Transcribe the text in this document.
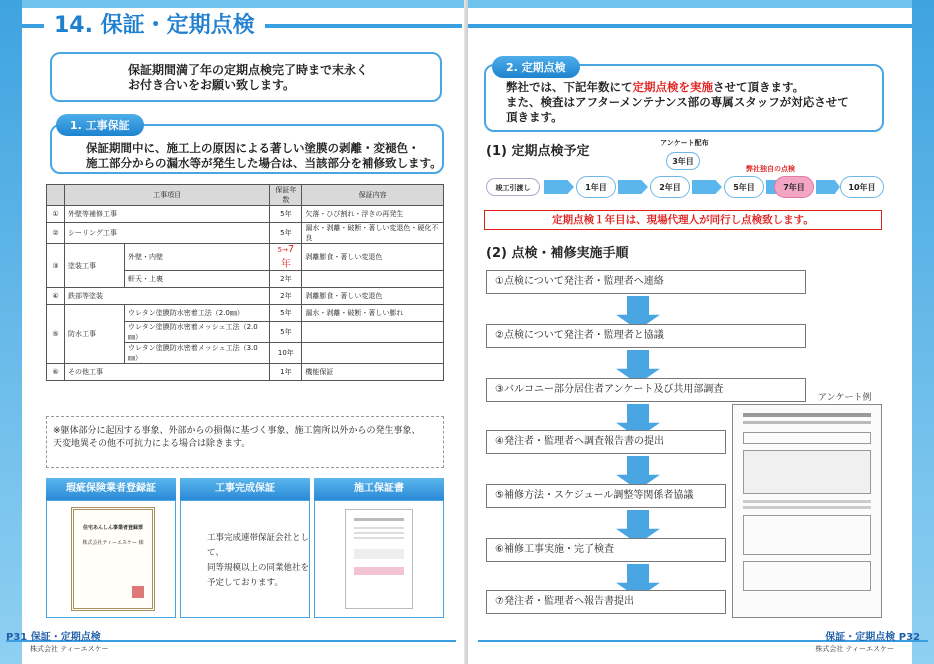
14. 保証・定期点検
保証期間満了年の定期点検完了時まで末永く
お付き合いをお願い致します。
保証期間中に、施工上の原因による著しい塗膜の剥離・変褪色・
施工部分からの漏水等が発生した場合は、当該部分を補修致します。
1. 工事保証
	工事項目		保証年数	保証内容
①	外壁等補修工事		5年	欠落・ひび割れ・浮きの再発生
②	シーリング工事		5年	漏水・剥離・破断・著しい変退色・硬化不良
③	塗装工事	外壁・内壁	5→7年	剥離膨食・著しい変退色
		軒天・上裏	2年	
④	鉄部等塗装		2年	剥離膨食・著しい変退色
⑤	防水工事	ウレタン塗膜防水密着工法（2.0㎜）	5年	漏水・剥離・破断・著しい膨れ
		ウレタン塗膜防水密着メッシュ工法（2.0㎜）	5年	
		ウレタン塗膜防水密着メッシュ工法（3.0㎜）	10年	
⑥	その他工事		1年	機能保証
※躯体部分に起因する事象、外部からの損傷に基づく事象、施工箇所以外からの発生事象、
天変地異その他不可抗力による場合は除きます。
瑕疵保険業者登録証
住宅あんしん事業者登録票
株式会社ティーエスケー 様
工事完成保証
工事完成連帯保証会社として、
同等規模以上の同業他社を
予定しております。
施工保証書
P31 保証・定期点検
株式会社 ティーエスケー
弊社では、下記年数にて定期点検を実施させて頂きます。
また、検査はアフターメンテナンス部の専属スタッフが対応させて
頂きます。
2. 定期点検
(1) 定期点検予定
アンケート配布
3年目
弊社独自の点検
竣工引渡し	1年目	2年目	5年目	7年目	10年目
定期点検１年目は、現場代理人が同行し点検致します。
(2) 点検・補修実施手順
①点検について発注者・監理者へ連絡
②点検について発注者・監理者と協議
③バルコニー部分居住者アンケート及び共用部調査
④発注者・監理者へ調査報告書の提出
⑤補修方法・スケジュール調整等関係者協議
⑥補修工事実施・完了検査
⑦発注者・監理者へ報告書提出
アンケート例
保証・定期点検 P32
株式会社 ティーエスケー
